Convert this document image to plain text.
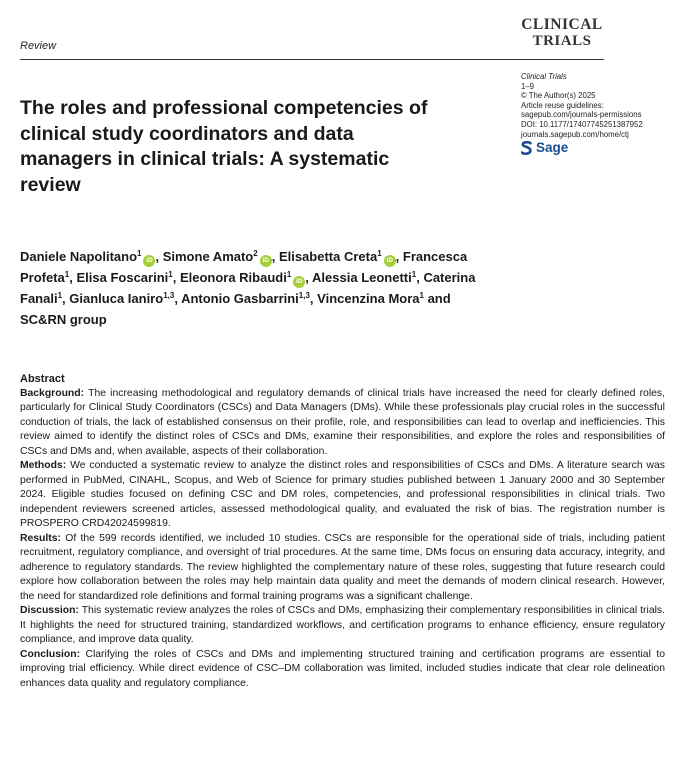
Review
CLINICAL
TRIALS
Clinical Trials
1–9
© The Author(s) 2025
Article reuse guidelines:
sagepub.com/journals-permissions
DOI: 10.1177/17407745251387952
journals.sagepub.com/home/ctj
Sage
The roles and professional competencies of clinical study coordinators and data managers in clinical trials: A systematic review

Daniele Napolitano$^1$iD , Simone Amato$^2$iD , Elisabetta Creta$^1$iD , Francesca Profeta$^1$, Elisa Foscarini$^1$, Eleonora Ribaudi$^1$iD , Alessia Leonetti$^1$, Caterina Fanali$^1$, Gianluca Ianiro$^{1,3}$, Antonio Gasbarrini$^{1,3}$, Vincenzina Mora$^1$ and SC&RN group

Abstract

Background: The increasing methodological and regulatory demands of clinical trials have increased the need for clearly defined roles, particularly for Clinical Study Coordinators (CSCs) and Data Managers (DMs). While these professionals play crucial roles in the successful conduction of trials, the lack of established consensus on their profile, role, and responsibilities can lead to overlap and inefficiencies. This review aimed to identify the distinct roles of CSCs and DMs, examine their responsibilities, and explore the roles and responsibilities of CSCs and DMs and, when available, aspects of their collaboration.

Methods: We conducted a systematic review to analyze the distinct roles and responsibilities of CSCs and DMs. A literature search was performed in PubMed, CINAHL, Scopus, and Web of Science for primary studies published between 1 January 2000 and 30 September 2024. Eligible studies focused on defining CSC and DM roles, competencies, and professional responsibilities in clinical trials. Two independent reviewers screened articles, assessed methodological quality, and evaluated the risk of bias. The registration number is PROSPERO CRD42024599819.

Results: Of the 599 records identified, we included 10 studies. CSCs are responsible for the operational side of trials, including patient recruitment, regulatory compliance, and oversight of trial procedures. At the same time, DMs focus on ensuring data accuracy, integrity, and adherence to regulatory standards. The review highlighted the complementary nature of these roles, suggesting that future research could explore how collaboration between the roles may help maintain data quality and meet the demands of modern clinical research. However, the need for standardized role definitions and formal training programs was a significant challenge.

Discussion: This systematic review analyzes the roles of CSCs and DMs, emphasizing their complementary responsibilities in clinical trials. It highlights the need for structured training, standardized workflows, and certification programs to enhance efficiency, ensure regulatory compliance, and improve data quality.

Conclusion: Clarifying the roles of CSCs and DMs and implementing structured training and certification programs are essential to improving trial efficiency. While direct evidence of CSC–DM collaboration was limited, included studies indicate that clear role delineation enhances data quality and regulatory compliance.
